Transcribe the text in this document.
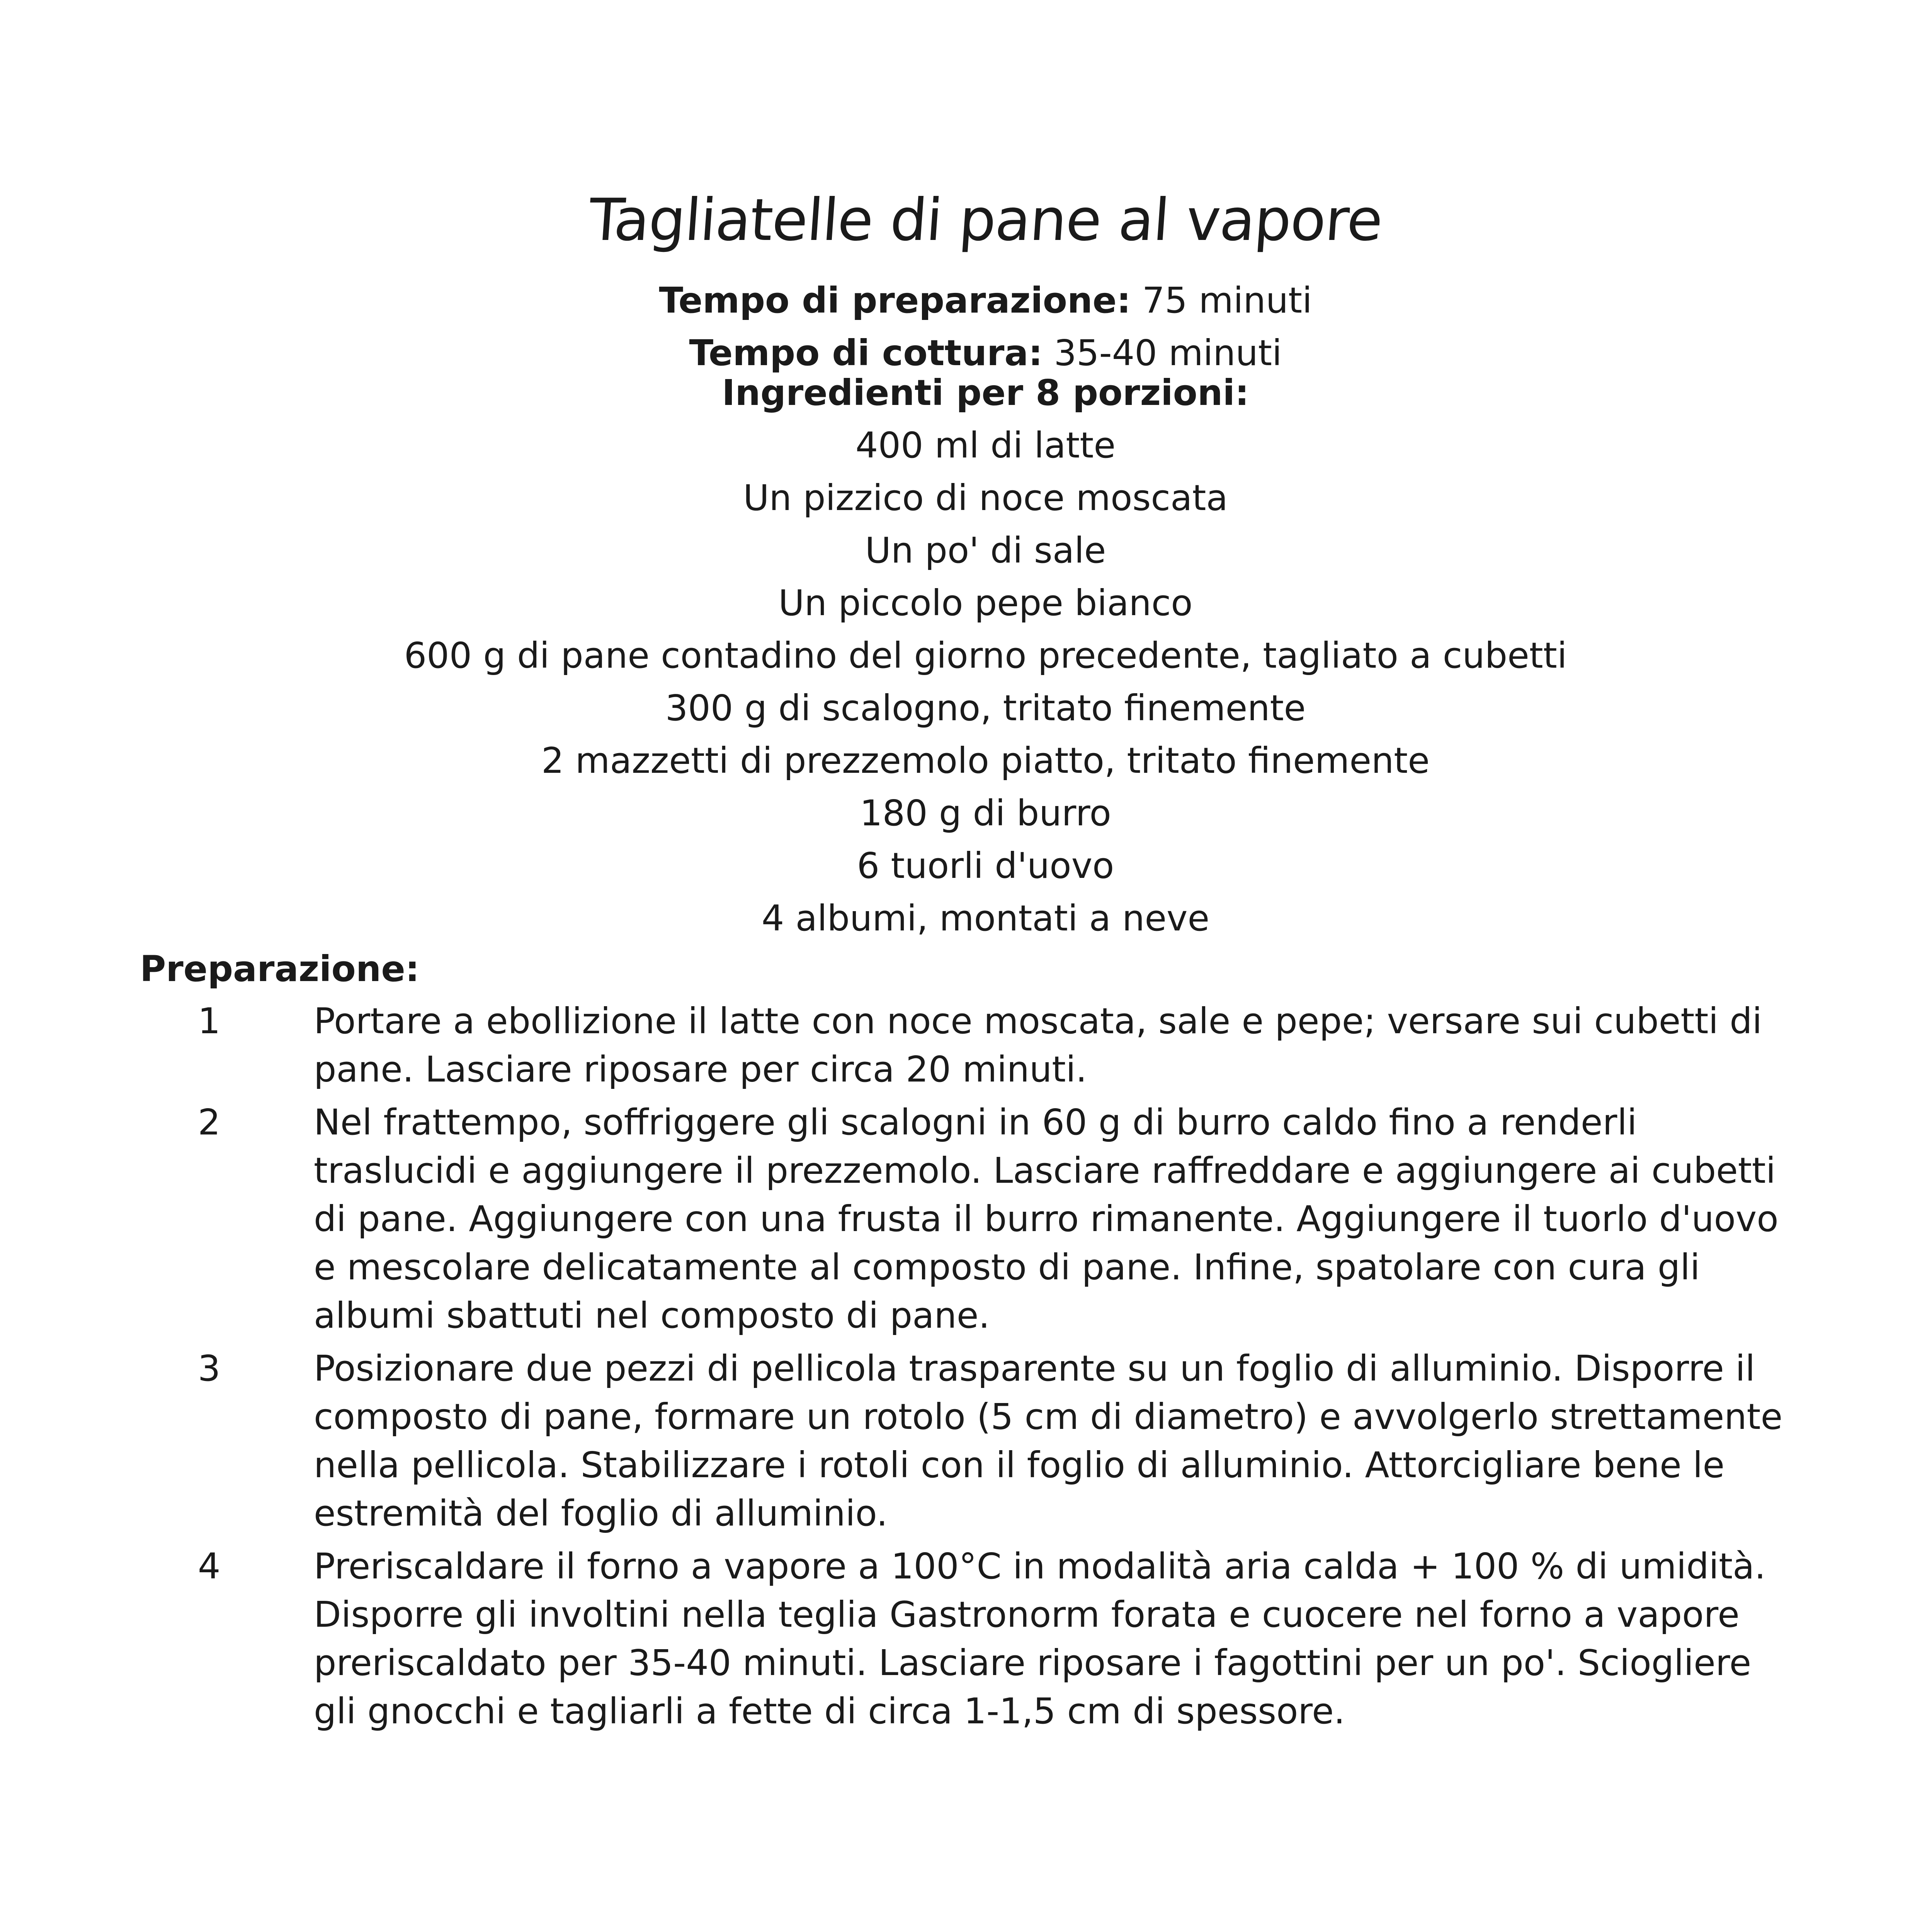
Tagliatelle di pane al vapore
Tempo di preparazione: 75 minuti
Tempo di cottura: 35-40 minuti
Ingredienti per 8 porzioni:
400 ml di latte
Un pizzico di noce moscata
Un po' di sale
Un piccolo pepe bianco
600 g di pane contadino del giorno precedente, tagliato a cubetti
300 g di scalogno, tritato finemente
2 mazzetti di prezzemolo piatto, tritato finemente
180 g di burro
6 tuorli d'uovo
4 albumi, montati a neve
Preparazione:
1	Portare a ebollizione il latte con noce moscata, sale e pepe; versare sui cubetti di pane. Lasciare riposare per circa 20 minuti.
2	Nel frattempo, soffriggere gli scalogni in 60 g di burro caldo fino a renderli traslucidi e aggiungere il prezzemolo. Lasciare raffreddare e aggiungere ai cubetti di pane. Aggiungere con una frusta il burro rimanente. Aggiungere il tuorlo d'uovo e mescolare delicatamente al composto di pane. Infine, spatolare con cura gli albumi sbattuti nel composto di pane.
3	Posizionare due pezzi di pellicola trasparente su un foglio di alluminio. Disporre il composto di pane, formare un rotolo (5 cm di diametro) e avvolgerlo strettamente nella pellicola. Stabilizzare i rotoli con il foglio di alluminio. Attorcigliare bene le estremità del foglio di alluminio.
4	Preriscaldare il forno a vapore a 100°C in modalità aria calda + 100 % di umidità. Disporre gli involtini nella teglia Gastronorm forata e cuocere nel forno a vapore preriscaldato per 35-40 minuti. Lasciare riposare i fagottini per un po'. Sciogliere gli gnocchi e tagliarli a fette di circa 1-1,5 cm di spessore.
